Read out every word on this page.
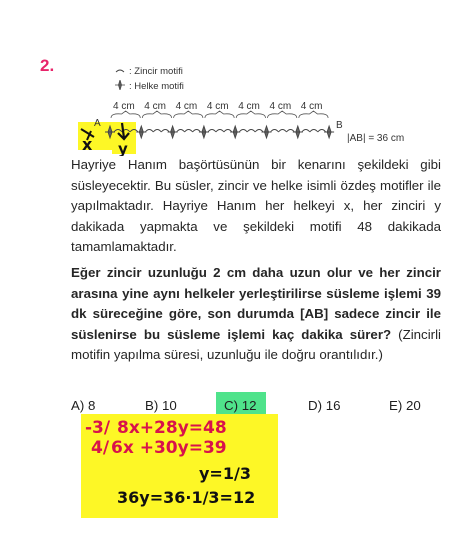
2.	: Zincir motifi
: Helke motifi
4 cm 4 cm 4 cm 4 cm 4 cm 4 cm 4 cm
A	B
|AB| = 36 cm
x y
Hayriye Hanım başörtüsünün bir kenarını şekildeki gibi süsleyecektir. Bu süsler, zincir ve helke isimli özdeş motifler ile yapılmaktadır. Hayriye Hanım her helkeyi x, her zinciri y dakikada yapmakta ve şekildeki motifi 48 dakikada tamamlamaktadır.
Eğer zincir uzunluğu 2 cm daha uzun olur ve her zincir arasına yine aynı helkeler yerleştirilirse süsleme işlemi 39 dk süreceğine göre, son durumda [AB] sadece zincir ile süslenirse bu süsleme işlemi kaç dakika sürer? (Zincirli motifin yapılma süresi, uzunluğu ile doğru orantılıdır.)
A) 8	B) 10	C) 12	D) 16	E) 20
-3/ 8x+28y=48
4/ 6x +30y=39
y=1/3
36y=36·1/3=12
